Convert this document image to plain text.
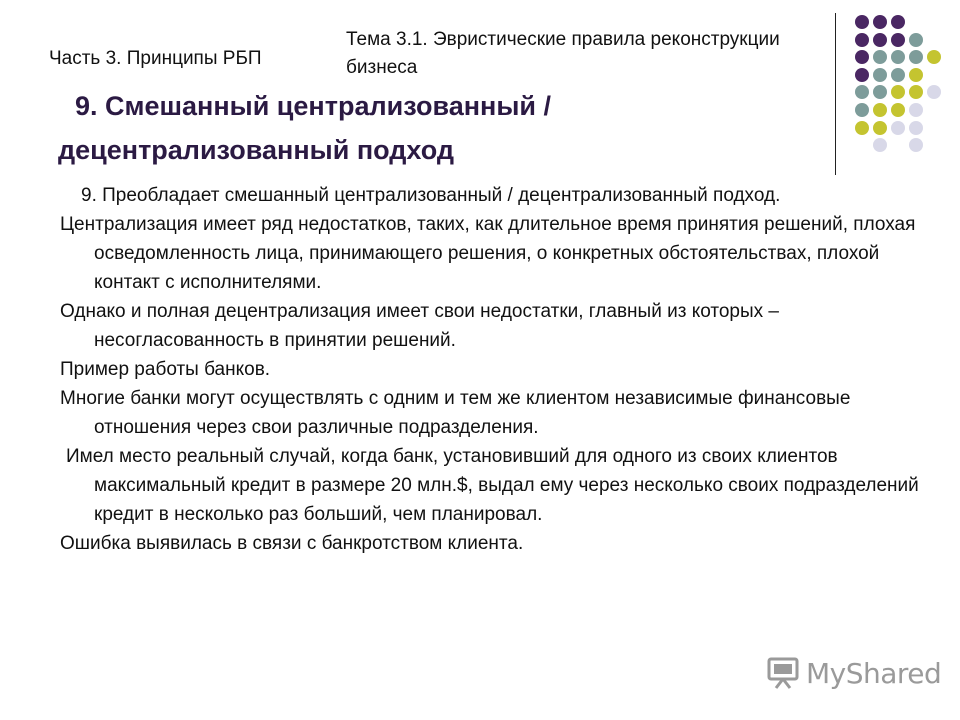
Часть 3. Принципы РБП
Тема 3.1. Эвристические правила реконструкции
бизнеса
9. Смешанный централизованный /
децентрализованный подход

9. Преобладает смешанный централизованный / децентрализованный подход.

Централизация имеет ряд недостатков, таких, как длительное время принятия решений, плохая осведомленность лица, принимающего решения, о конкретных обстоятельствах, плохой контакт с исполнителями.

Однако и полная децентрализация имеет свои недостатки, главный из которых – несогласованность в принятии решений.

Пример работы банков.

Многие банки могут осуществлять с одним и тем же клиентом независимые финансовые отношения через свои различные подразделения.

Имел место реальный случай, когда банк, установивший для одного из своих клиентов максимальный кредит в размере 20 млн.$, выдал ему через несколько своих подразделений кредит в несколько раз больший, чем планировал.

Ошибка выявилась в связи с банкротством клиента.

MyShared
